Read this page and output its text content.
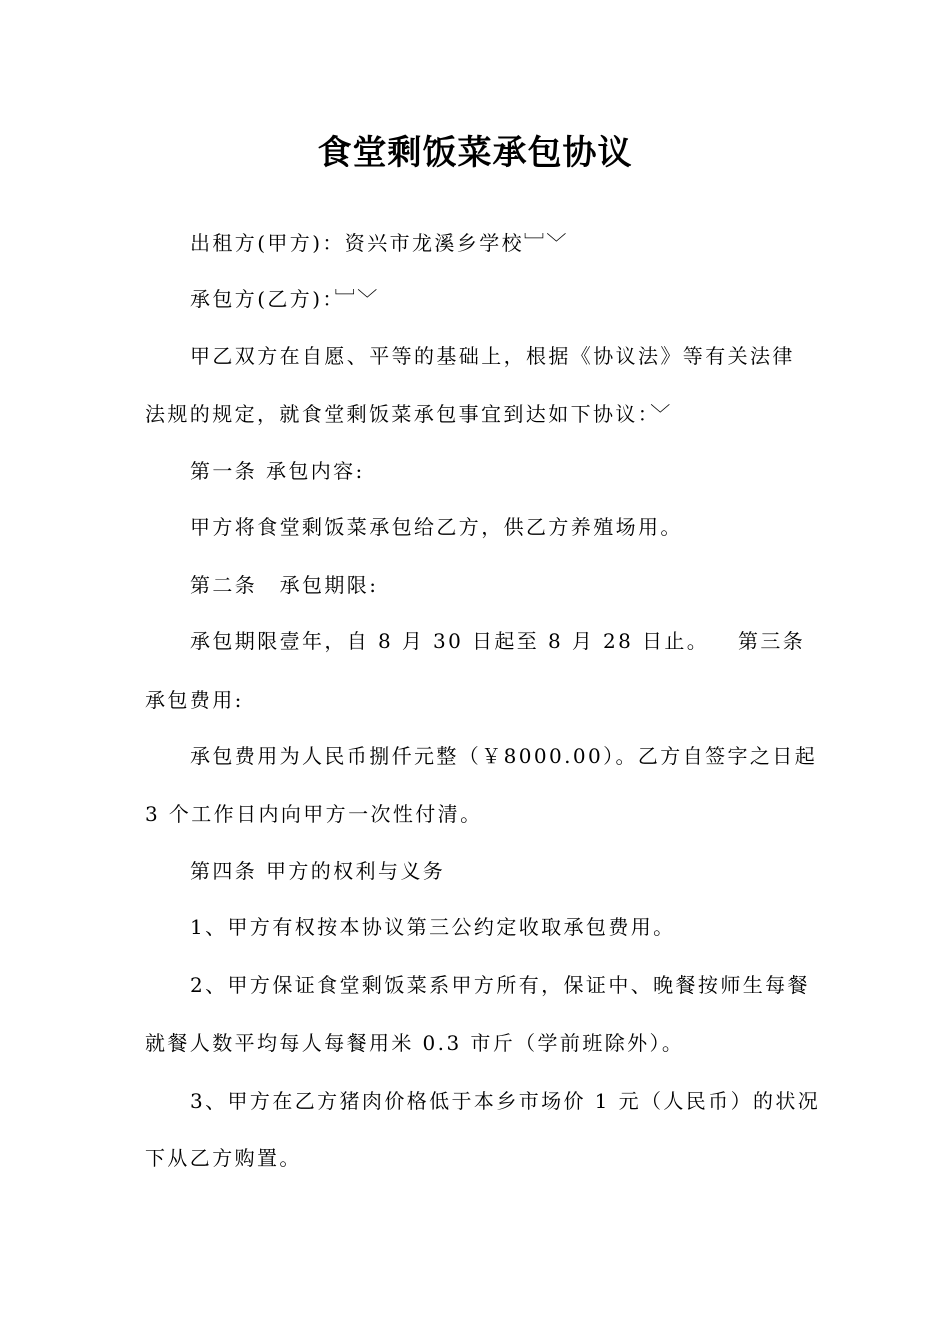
食堂剩饭菜承包协议
出租方(甲方)：资兴市龙溪乡学校﹈﹀
承包方(乙方)：﹈﹀
甲乙双方在自愿、平等的基础上，根据《协议法》等有关法律
法规的规定，就食堂剩饭菜承包事宜到达如下协议：﹀
第一条 承包内容:
甲方将食堂剩饭菜承包给乙方，供乙方养殖场用。
第二条　承包期限:
承包期限壹年，自 8 月 30 日起至 8 月 28 日止。 第三条
承包费用:
承包费用为人民币捌仟元整（￥8000.00）。乙方自签字之日起
3 个工作日内向甲方一次性付清。
第四条 甲方的权利与义务
1、甲方有权按本协议第三公约定收取承包费用。
2、甲方保证食堂剩饭菜系甲方所有，保证中、晚餐按师生每餐
就餐人数平均每人每餐用米 0.3 市斤（学前班除外）。
3、甲方在乙方猪肉价格低于本乡市场价 1 元（人民币）的状况
下从乙方购置。
